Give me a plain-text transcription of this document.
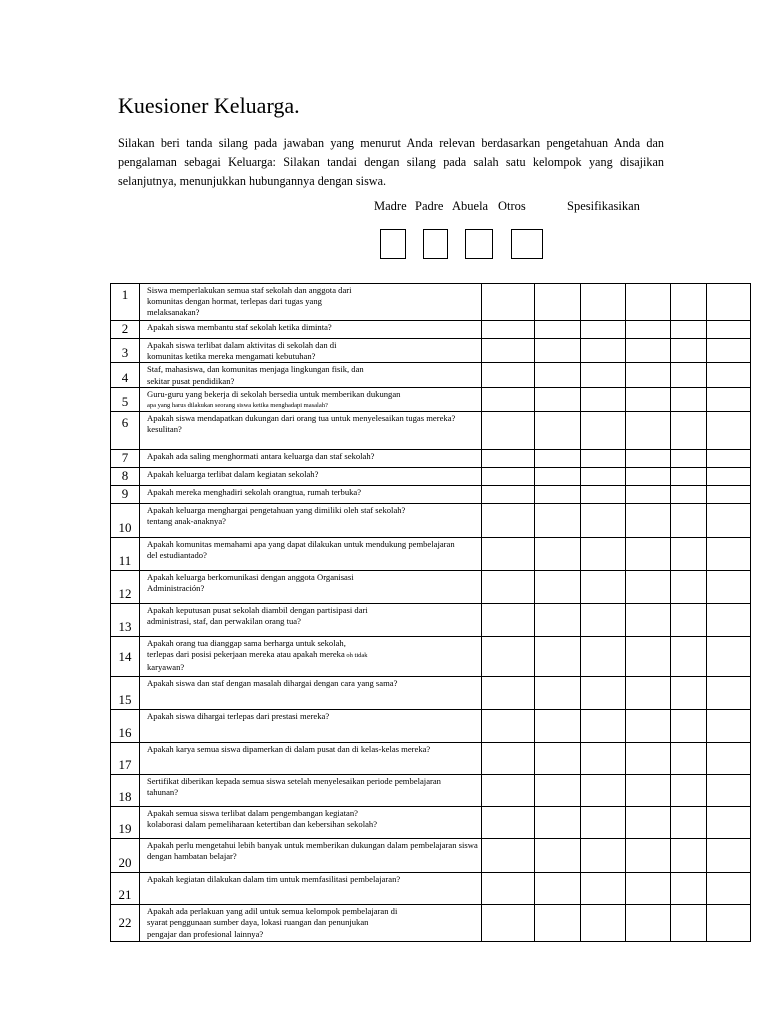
Kuesioner Keluarga.

Silakan beri tanda silang pada jawaban yang menurut Anda relevan berdasarkan pengetahuan Anda dan pengalaman sebagai Keluarga: Silakan tandai dengan silang pada salah satu kelompok yang disajikan selanjutnya, menunjukkan hubungannya dengan siswa.

Madre Padre Abuela Otros	Spesifikasikan
1	Siswa memperlakukan semua staf sekolah dan anggota dari
komunitas dengan hormat, terlepas dari tugas yang
melaksanakan?						

2	Apakah siswa membantu staf sekolah ketika diminta?						

3	Apakah siswa terlibat dalam aktivitas di sekolah dan di
komunitas ketika mereka mengamati kebutuhan?						

4	Staf, mahasiswa, dan komunitas menjaga lingkungan fisik, dan
sekitar pusat pendidikan?						

5	Guru-guru yang bekerja di sekolah bersedia untuk memberikan dukungan
apa yang harus dilakukan seorang siswa ketika menghadapi masalah?						

6	Apakah siswa mendapatkan dukungan dari orang tua untuk menyelesaikan tugas mereka?
kesulitan?						

7	Apakah ada saling menghormati antara keluarga dan staf sekolah?						

8	Apakah keluarga terlibat dalam kegiatan sekolah?						

9	Apakah mereka menghadiri sekolah orangtua, rumah terbuka?						

10	Apakah keluarga menghargai pengetahuan yang dimiliki oleh staf sekolah?
tentang anak-anaknya?						

11	Apakah komunitas memahami apa yang dapat dilakukan untuk mendukung pembelajaran
del estudiantado?						

12	Apakah keluarga berkomunikasi dengan anggota Organisasi
Administración?						

13	Apakah keputusan pusat sekolah diambil dengan partisipasi dari
administrasi, staf, dan perwakilan orang tua?						

14	Apakah orang tua dianggap sama berharga untuk sekolah,
terlepas dari posisi pekerjaan mereka atau apakah mereka oh tidak
karyawan?						

15	Apakah siswa dan staf dengan masalah dihargai dengan cara yang sama?						

16	Apakah siswa dihargai terlepas dari prestasi mereka?						

17	Apakah karya semua siswa dipamerkan di dalam pusat dan di kelas-kelas mereka?						

18	Sertifikat diberikan kepada semua siswa setelah menyelesaikan periode pembelajaran
tahunan?						

19	Apakah semua siswa terlibat dalam pengembangan kegiatan?
kolaborasi dalam pemeliharaan ketertiban dan kebersihan sekolah?						

20	Apakah perlu mengetahui lebih banyak untuk memberikan dukungan dalam pembelajaran siswa
dengan hambatan belajar?						

21	Apakah kegiatan dilakukan dalam tim untuk memfasilitasi pembelajaran?						

22	Apakah ada perlakuan yang adil untuk semua kelompok pembelajaran di
syarat penggunaan sumber daya, lokasi ruangan dan penunjukan
pengajar dan profesional lainnya?						
